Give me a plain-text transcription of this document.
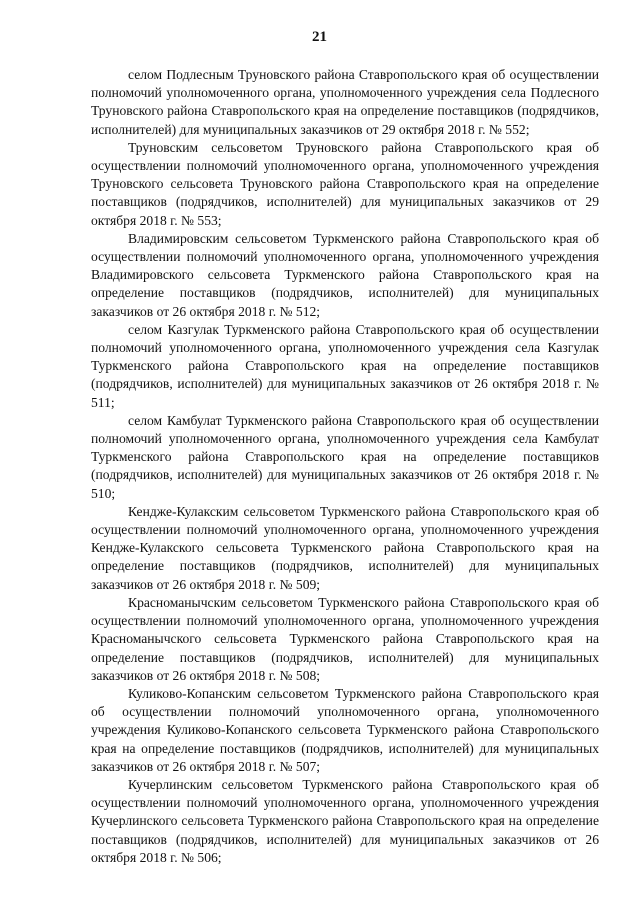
21

селом Подлесным Труновского района Ставропольского края об осуществлении полномочий уполномоченного органа, уполномоченного учреждения села Подлесного Труновского района Ставропольского края на определение поставщиков (подрядчиков, исполнителей) для муниципальных заказчиков от 29 октября 2018 г. № 552;

Труновским сельсоветом Труновского района Ставропольского края об осуществлении полномочий уполномоченного органа, уполномоченного учреждения Труновского сельсовета Труновского района Ставропольского края на определение поставщиков (подрядчиков, исполнителей) для муниципальных заказчиков от 29 октября 2018 г. № 553;

Владимировским сельсоветом Туркменского района Ставропольского края об осуществлении полномочий уполномоченного органа, уполномоченного учреждения Владимировского сельсовета Туркменского района Ставропольского края на определение поставщиков (подрядчиков, исполнителей) для муниципальных заказчиков от 26 октября 2018 г. № 512;

селом Казгулак Туркменского района Ставропольского края об осуществлении полномочий уполномоченного органа, уполномоченного учреждения села Казгулак Туркменского района Ставропольского края на определение поставщиков (подрядчиков, исполнителей) для муниципальных заказчиков от 26 октября 2018 г. № 511;

селом Камбулат Туркменского района Ставропольского края об осуществлении полномочий уполномоченного органа, уполномоченного учреждения села Камбулат Туркменского района Ставропольского края на определение поставщиков (подрядчиков, исполнителей) для муниципальных заказчиков от 26 октября 2018 г. № 510;

Кендже-Кулакским сельсоветом Туркменского района Ставропольского края об осуществлении полномочий уполномоченного органа, уполномоченного учреждения Кендже-Кулакского сельсовета Туркменского района Ставропольского края на определение поставщиков (подрядчиков, исполнителей) для муниципальных заказчиков от 26 октября 2018 г. № 509;

Красноманычским сельсоветом Туркменского района Ставропольского края об осуществлении полномочий уполномоченного органа, уполномоченного учреждения Красноманычского сельсовета Туркменского района Ставропольского края на определение поставщиков (подрядчиков, исполнителей) для муниципальных заказчиков от 26 октября 2018 г. № 508;

Куликово-Копанским сельсоветом Туркменского района Ставропольского края об осуществлении полномочий уполномоченного органа, уполномоченного учреждения Куликово-Копанского сельсовета Туркменского района Ставропольского края на определение поставщиков (подрядчиков, исполнителей) для муниципальных заказчиков от 26 октября 2018 г. № 507;

Кучерлинским сельсоветом Туркменского района Ставропольского края об осуществлении полномочий уполномоченного органа, уполномоченного учреждения Кучерлинского сельсовета Туркменского района Ставропольского края на определение поставщиков (подрядчиков, исполнителей) для муниципальных заказчиков от 26 октября 2018 г. № 506;
